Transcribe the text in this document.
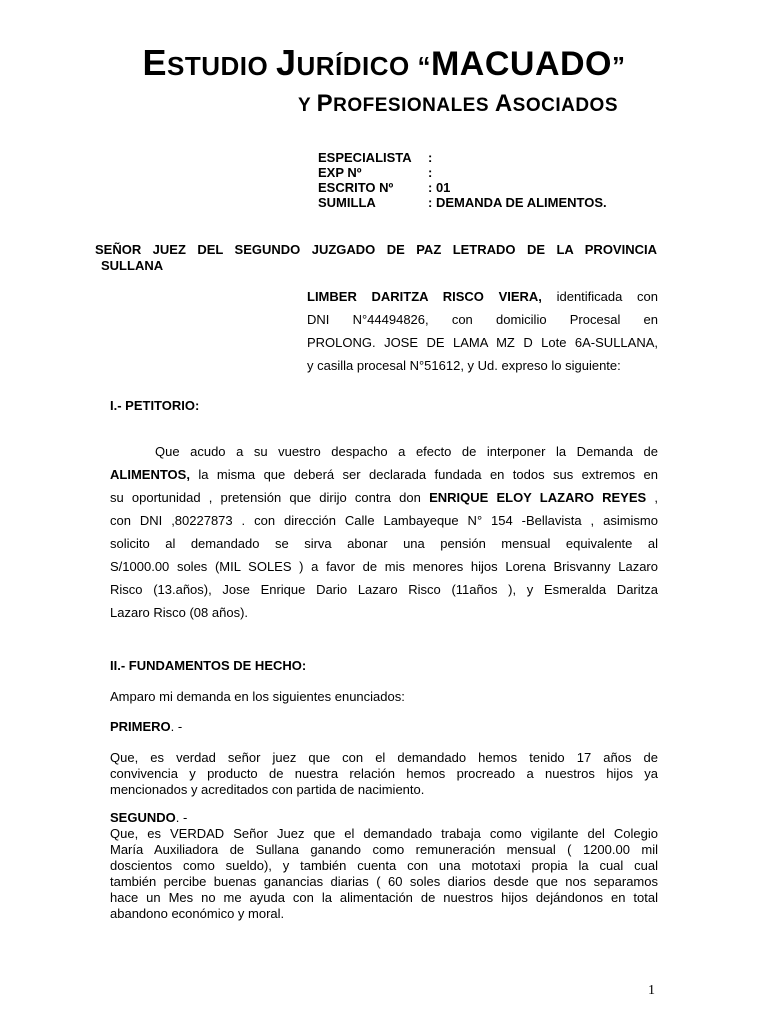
ESTUDIO JURÍDICO “MACUADO”
Y PROFESIONALES ASOCIADOS
ESPECIALISTA	:
EXP Nº	:
ESCRITO Nº	: 01
SUMILLA	: DEMANDA DE ALIMENTOS.
SEÑOR JUEZ DEL SEGUNDO JUZGADO DE PAZ LETRADO DE LA PROVINCIA
SULLANA
LIMBER DARITZA RISCO VIERA, identificada con
DNI N°44494826, con domicilio Procesal en
PROLONG. JOSE DE LAMA MZ D Lote 6A-SULLANA,
y casilla procesal N°51612, y Ud. expreso lo siguiente:
I.- PETITORIO:
Que acudo a su vuestro despacho a efecto de interponer la Demanda de
ALIMENTOS, la misma que deberá ser declarada fundada en todos sus extremos en
su oportunidad , pretensión que dirijo contra don ENRIQUE ELOY LAZARO REYES ,
con DNI ,80227873 . con dirección Calle Lambayeque N° 154 -Bellavista , asimismo
solicito al demandado se sirva abonar una pensión mensual equivalente al
S/1000.00 soles (MIL SOLES ) a favor de mis menores hijos Lorena Brisvanny Lazaro
Risco (13.años), Jose Enrique Dario Lazaro Risco (11años ), y Esmeralda Daritza
Lazaro Risco (08 años).
II.- FUNDAMENTOS DE HECHO:
Amparo mi demanda en los siguientes enunciados:
PRIMERO. -
Que, es verdad señor juez que con el demandado hemos tenido 17 años de
convivencia y producto de nuestra relación hemos procreado a nuestros hijos ya
mencionados y acreditados con partida de nacimiento.
SEGUNDO. -
Que, es VERDAD Señor Juez que el demandado trabaja como vigilante del Colegio
María Auxiliadora de Sullana ganando como remuneración mensual ( 1200.00 mil
doscientos como sueldo), y también cuenta con una mototaxi propia la cual cual
también percibe buenas ganancias diarias ( 60 soles diarios desde que nos separamos
hace un Mes no me ayuda con la alimentación de nuestros hijos dejándonos en total
abandono económico y moral.
1
